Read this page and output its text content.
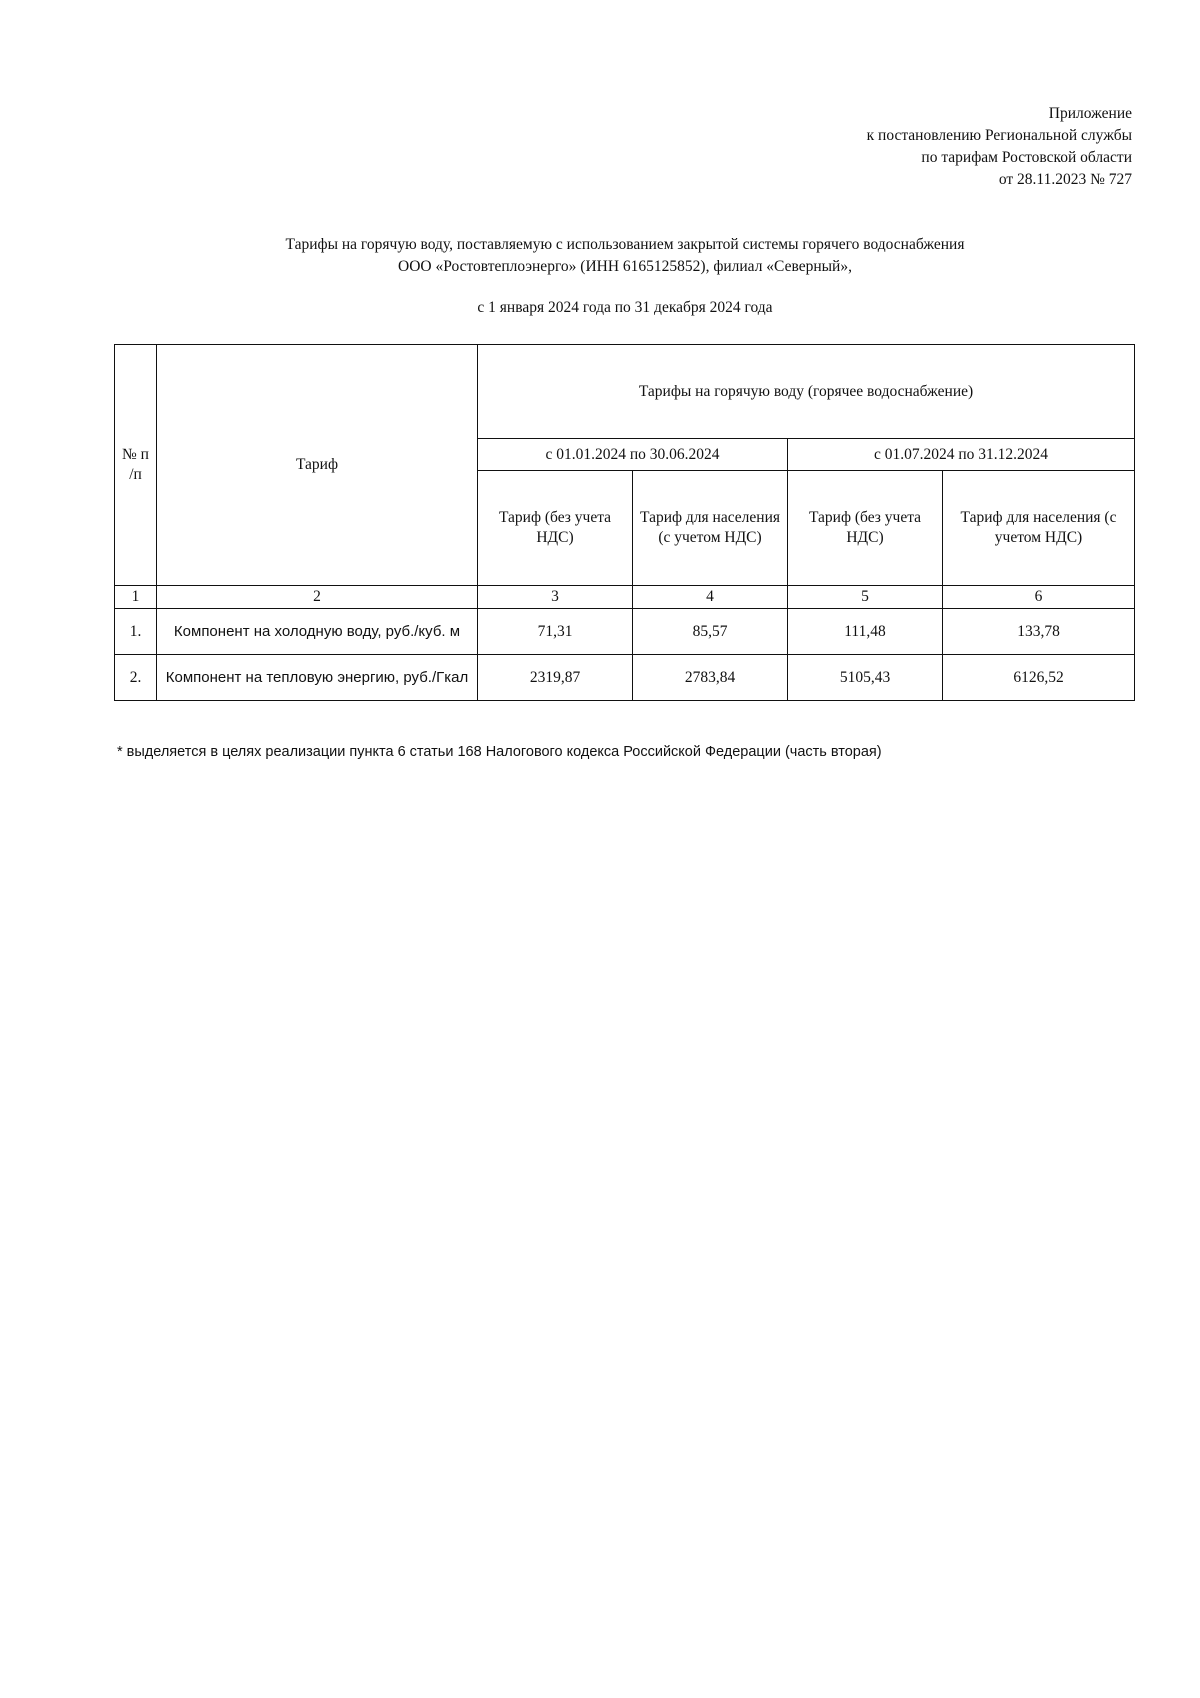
Приложение
к постановлению Региональной службы
по тарифам Ростовской области
от 28.11.2023 № 727
Тарифы на горячую воду, поставляемую с использованием закрытой системы горячего водоснабжения
ООО «Ростовтеплоэнерго» (ИНН 6165125852), филиал «Северный»,
с 1 января 2024 года по 31 декабря 2024 года
№ п /п	Тариф	Тарифы на горячую воду (горячее водоснабжение)			
		с 01.01.2024 по 30.06.2024		с 01.07.2024 по 31.12.2024	
		Тариф (без учета НДС)	Тариф для населения (с учетом НДС)	Тариф (без учета НДС)	Тариф для населения (с учетом НДС)
1	2	3	4	5	6
1.	Компонент на холодную воду, руб./куб. м	71,31	85,57	111,48	133,78
2.	Компонент на тепловую энергию, руб./Гкал	2319,87	2783,84	5105,43	6126,52
* выделяется в целях реализации пункта 6 статьи 168 Налогового кодекса Российской Федерации (часть вторая)
